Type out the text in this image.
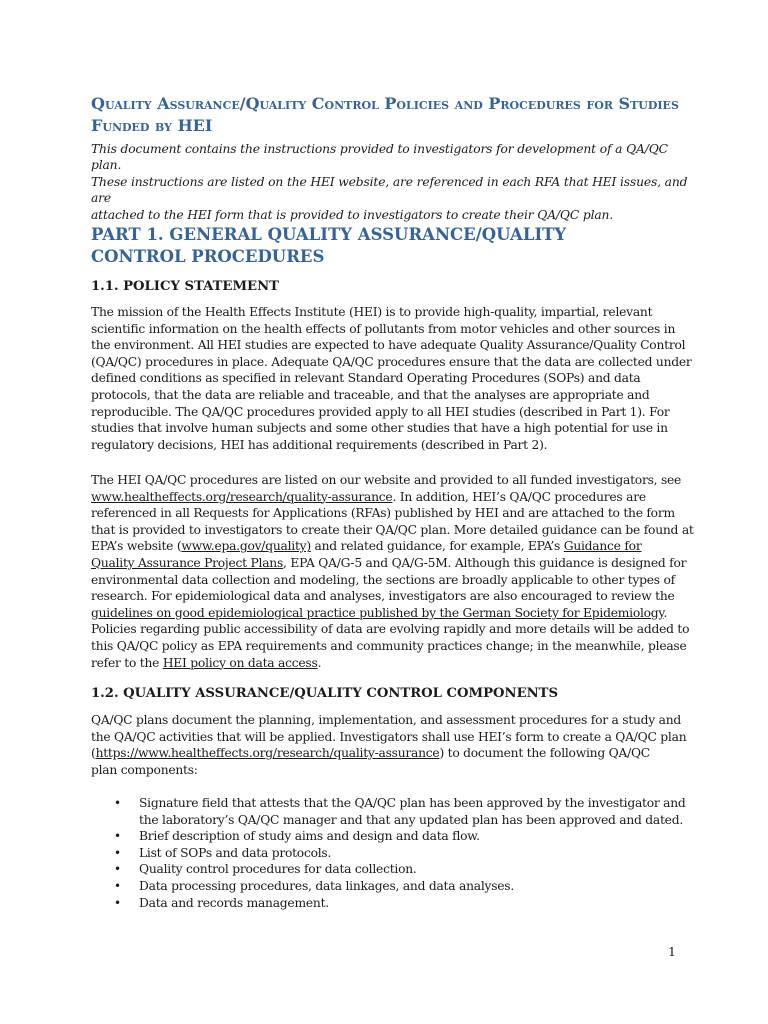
Quality Assurance/Quality Control Policies and Procedures for Studies Funded by HEI

This document contains the instructions provided to investigators for development of a QA/QC plan.
These instructions are listed on the HEI website, are referenced in each RFA that HEI issues, and are
attached to the HEI form that is provided to investigators to create their QA/QC plan.

PART 1. GENERAL QUALITY ASSURANCE/QUALITY CONTROL PROCEDURES
1.1. POLICY STATEMENT

The mission of the Health Effects Institute (HEI) is to provide high-quality, impartial, relevant
scientific information on the health effects of pollutants from motor vehicles and other sources in
the environment. All HEI studies are expected to have adequate Quality Assurance/Quality Control
(QA/QC) procedures in place. Adequate QA/QC procedures ensure that the data are collected under
defined conditions as specified in relevant Standard Operating Procedures (SOPs) and data
protocols, that the data are reliable and traceable, and that the analyses are appropriate and
reproducible. The QA/QC procedures provided apply to all HEI studies (described in Part 1). For
studies that involve human subjects and some other studies that have a high potential for use in
regulatory decisions, HEI has additional requirements (described in Part 2).

The HEI QA/QC procedures are listed on our website and provided to all funded investigators, see
www.healtheffects.org/research/quality-assurance. In addition, HEI’s QA/QC procedures are
referenced in all Requests for Applications (RFAs) published by HEI and are attached to the form
that is provided to investigators to create their QA/QC plan. More detailed guidance can be found at
EPA’s website (www.epa.gov/quality) and related guidance, for example, EPA’s Guidance for
Quality Assurance Project Plans, EPA QA/G-5 and QA/G-5M. Although this guidance is designed for
environmental data collection and modeling, the sections are broadly applicable to other types of
research. For epidemiological data and analyses, investigators are also encouraged to review the
guidelines on good epidemiological practice published by the German Society for Epidemiology.
Policies regarding public accessibility of data are evolving rapidly and more details will be added to
this QA/QC policy as EPA requirements and community practices change; in the meanwhile, please
refer to the HEI policy on data access.

1.2. QUALITY ASSURANCE/QUALITY CONTROL COMPONENTS

QA/QC plans document the planning, implementation, and assessment procedures for a study and
the QA/QC activities that will be applied. Investigators shall use HEI’s form to create a QA/QC plan
(https://www.healtheffects.org/research/quality-assurance) to document the following QA/QC
plan components:

• Signature field that attests that the QA/QC plan has been approved by the investigator and
the laboratory’s QA/QC manager and that any updated plan has been approved and dated.
• Brief description of study aims and design and data flow.
• List of SOPs and data protocols.
• Quality control procedures for data collection.
• Data processing procedures, data linkages, and data analyses.
• Data and records management.
1
